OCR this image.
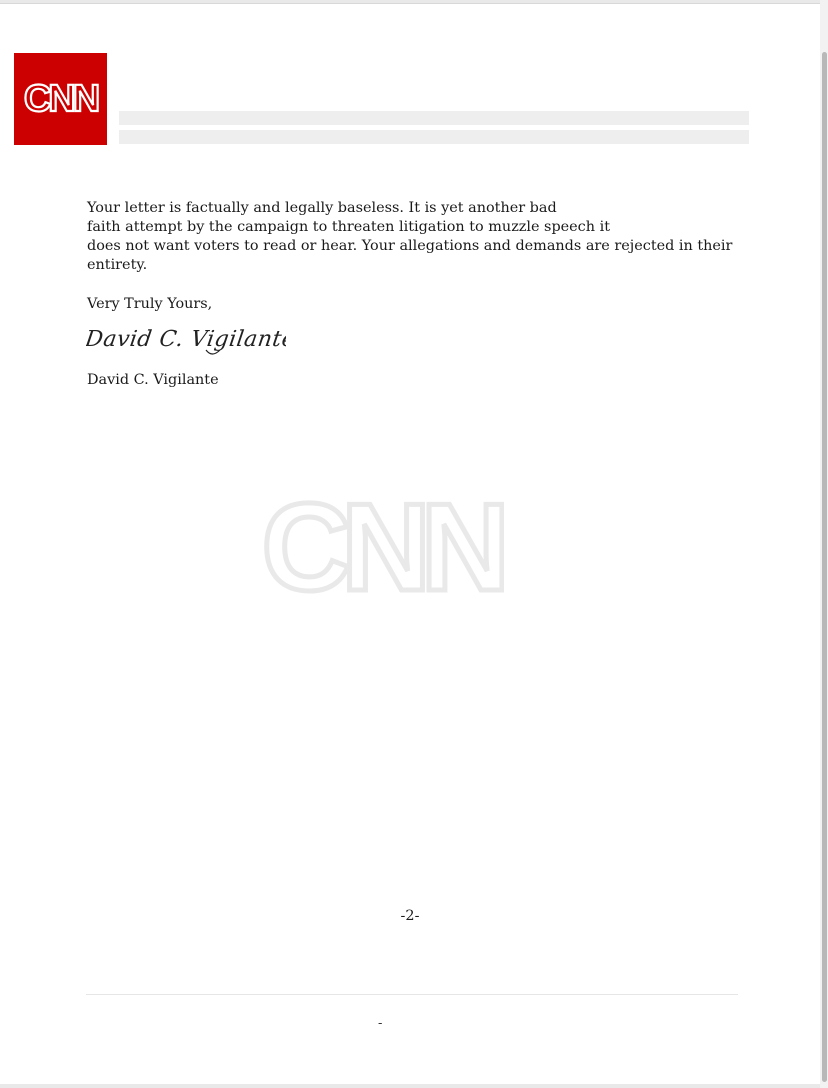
CNN
Your letter is factually and legally baseless. It is yet another bad
faith attempt by the campaign to threaten litigation to muzzle speech it
does not want voters to read or hear. Your allegations and demands are rejected in their
entirety.
Very Truly Yours,
David C. Vigilante
David C. Vigilante
CNN
-2-
-
